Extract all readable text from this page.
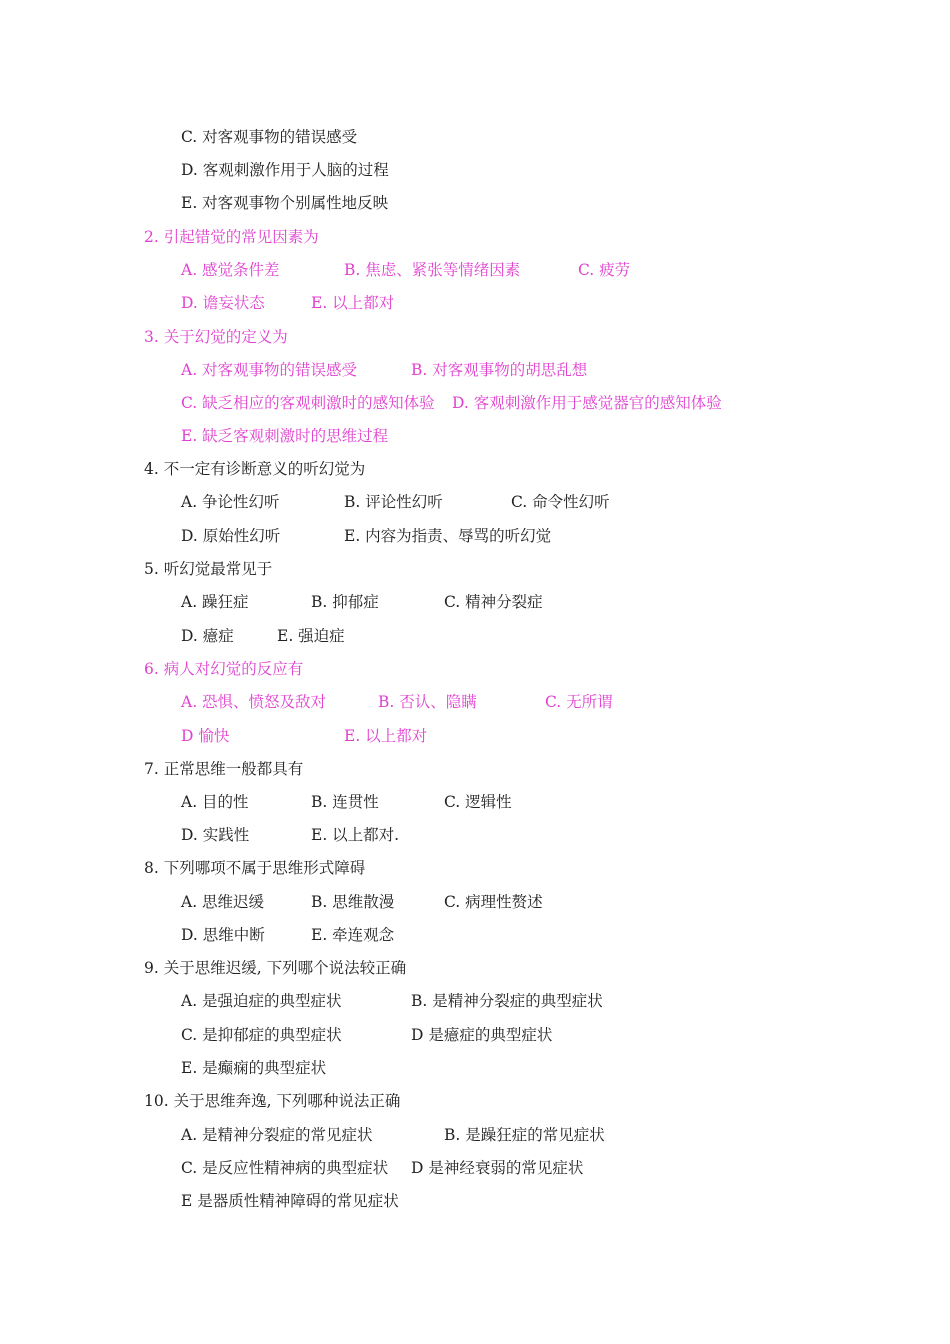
C. 对客观事物的错误感受
D. 客观刺激作用于人脑的过程
E. 对客观事物个别属性地反映
2. 引起错觉的常见因素为
A. 感觉条件差	B. 焦虑、紧张等情绪因素	C. 疲劳
D. 谵妄状态	E. 以上都对
3. 关于幻觉的定义为
A. 对客观事物的错误感受	B. 对客观事物的胡思乱想
C. 缺乏相应的客观刺激时的感知体验 D. 客观刺激作用于感觉器官的感知体验
E. 缺乏客观刺激时的思维过程
4. 不一定有诊断意义的听幻觉为
A. 争论性幻听	B. 评论性幻听	C. 命令性幻听
D. 原始性幻听	E. 内容为指责、辱骂的听幻觉
5. 听幻觉最常见于
A. 躁狂症	B. 抑郁症	C. 精神分裂症
D. 癔症	E. 强迫症
6. 病人对幻觉的反应有
A. 恐惧、愤怒及敌对	B. 否认、隐瞒	C. 无所谓
D 愉快	E. 以上都对
7. 正常思维一般都具有
A. 目的性	B. 连贯性	C. 逻辑性
D. 实践性	E. 以上都对.
8. 下列哪项不属于思维形式障碍
A. 思维迟缓	B. 思维散漫	C. 病理性赘述
D. 思维中断	E. 牵连观念
9. 关于思维迟缓, 下列哪个说法较正确
A. 是强迫症的典型症状	B. 是精神分裂症的典型症状
C. 是抑郁症的典型症状	D 是癔症的典型症状
E. 是癫痫的典型症状
10. 关于思维奔逸, 下列哪种说法正确
A. 是精神分裂症的常见症状	B. 是躁狂症的常见症状
C. 是反应性精神病的典型症状 D 是神经衰弱的常见症状
E 是器质性精神障碍的常见症状
